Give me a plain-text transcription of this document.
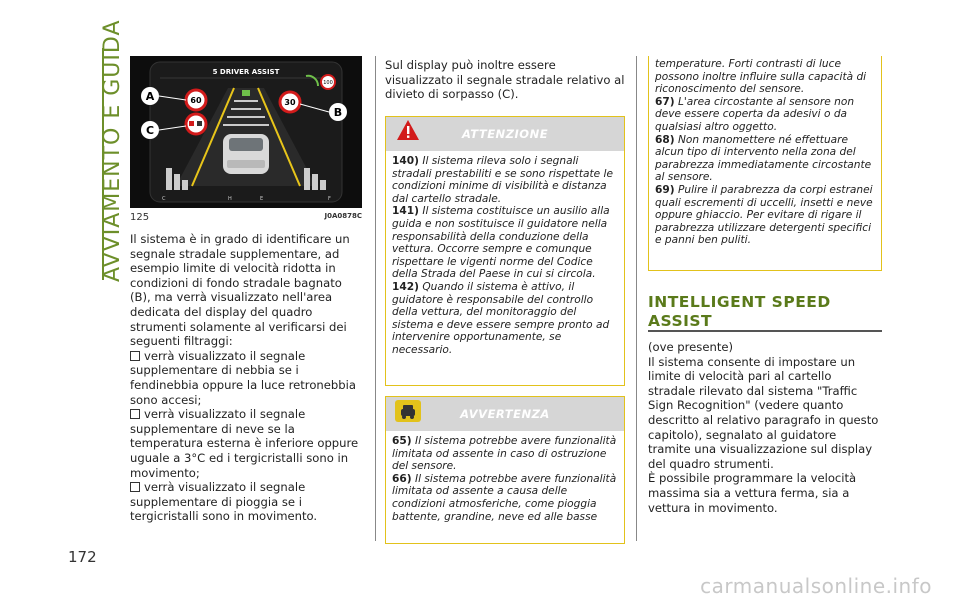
AVVIAMENTO E GUIDA
172
5 DRIVER ASSIST
60	30
100
A
C
B
C	H	E	F
125	J0A0878C

Il sistema è in grado di identificare un segnale stradale supplementare, ad esempio limite di velocità ridotta in condizioni di fondo stradale bagnato (B), ma verrà visualizzato nell'area dedicata del display del quadro strumenti solamente al verificarsi dei seguenti filtraggi:

verrà visualizzato il segnale supplementare di nebbia se i fendinebbia oppure la luce retronebbia sono accesi;

verrà visualizzato il segnale supplementare di neve se la temperatura esterna è inferiore oppure uguale a 3°C ed i tergicristalli sono in movimento;

verrà visualizzato il segnale supplementare di pioggia se i tergicristalli sono in movimento.

Sul display può inoltre essere visualizzato il segnale stradale relativo al divieto di sorpasso (C).

ATTENZIONE

140) Il sistema rileva solo i segnali stradali prestabiliti e se sono rispettate le condizioni minime di visibilità e distanza dal cartello stradale.

141) Il sistema costituisce un ausilio alla guida e non sostituisce il guidatore nella responsabilità della conduzione della vettura. Occorre sempre e comunque rispettare le vigenti norme del Codice della Strada del Paese in cui si circola.

142) Quando il sistema è attivo, il guidatore è responsabile del controllo della vettura, del monitoraggio del sistema e deve essere sempre pronto ad intervenire opportunamente, se necessario.

AVVERTENZA

65) Il sistema potrebbe avere funzionalità limitata od assente in caso di ostruzione del sensore.

66) Il sistema potrebbe avere funzionalità limitata od assente a causa delle condizioni atmosferiche, come pioggia battente, grandine, neve ed alle basse

temperature. Forti contrasti di luce possono inoltre influire sulla capacità di riconoscimento del sensore.

67) L'area circostante al sensore non deve essere coperta da adesivi o da qualsiasi altro oggetto.

68) Non manomettere né effettuare alcun tipo di intervento nella zona del parabrezza immediatamente circostante al sensore.

69) Pulire il parabrezza da corpi estranei quali escrementi di uccelli, insetti e neve oppure ghiaccio. Per evitare di rigare il parabrezza utilizzare detergenti specifici e panni ben puliti.

INTELLIGENT SPEED ASSIST

(ove presente)
Il sistema consente di impostare un limite di velocità pari al cartello stradale rilevato dal sistema "Traffic Sign Recognition" (vedere quanto descritto al relativo paragrafo in questo capitolo), segnalato al guidatore tramite una visualizzazione sul display del quadro strumenti.
È possibile programmare la velocità massima sia a vettura ferma, sia a vettura in movimento.

carmanualsonline.info
